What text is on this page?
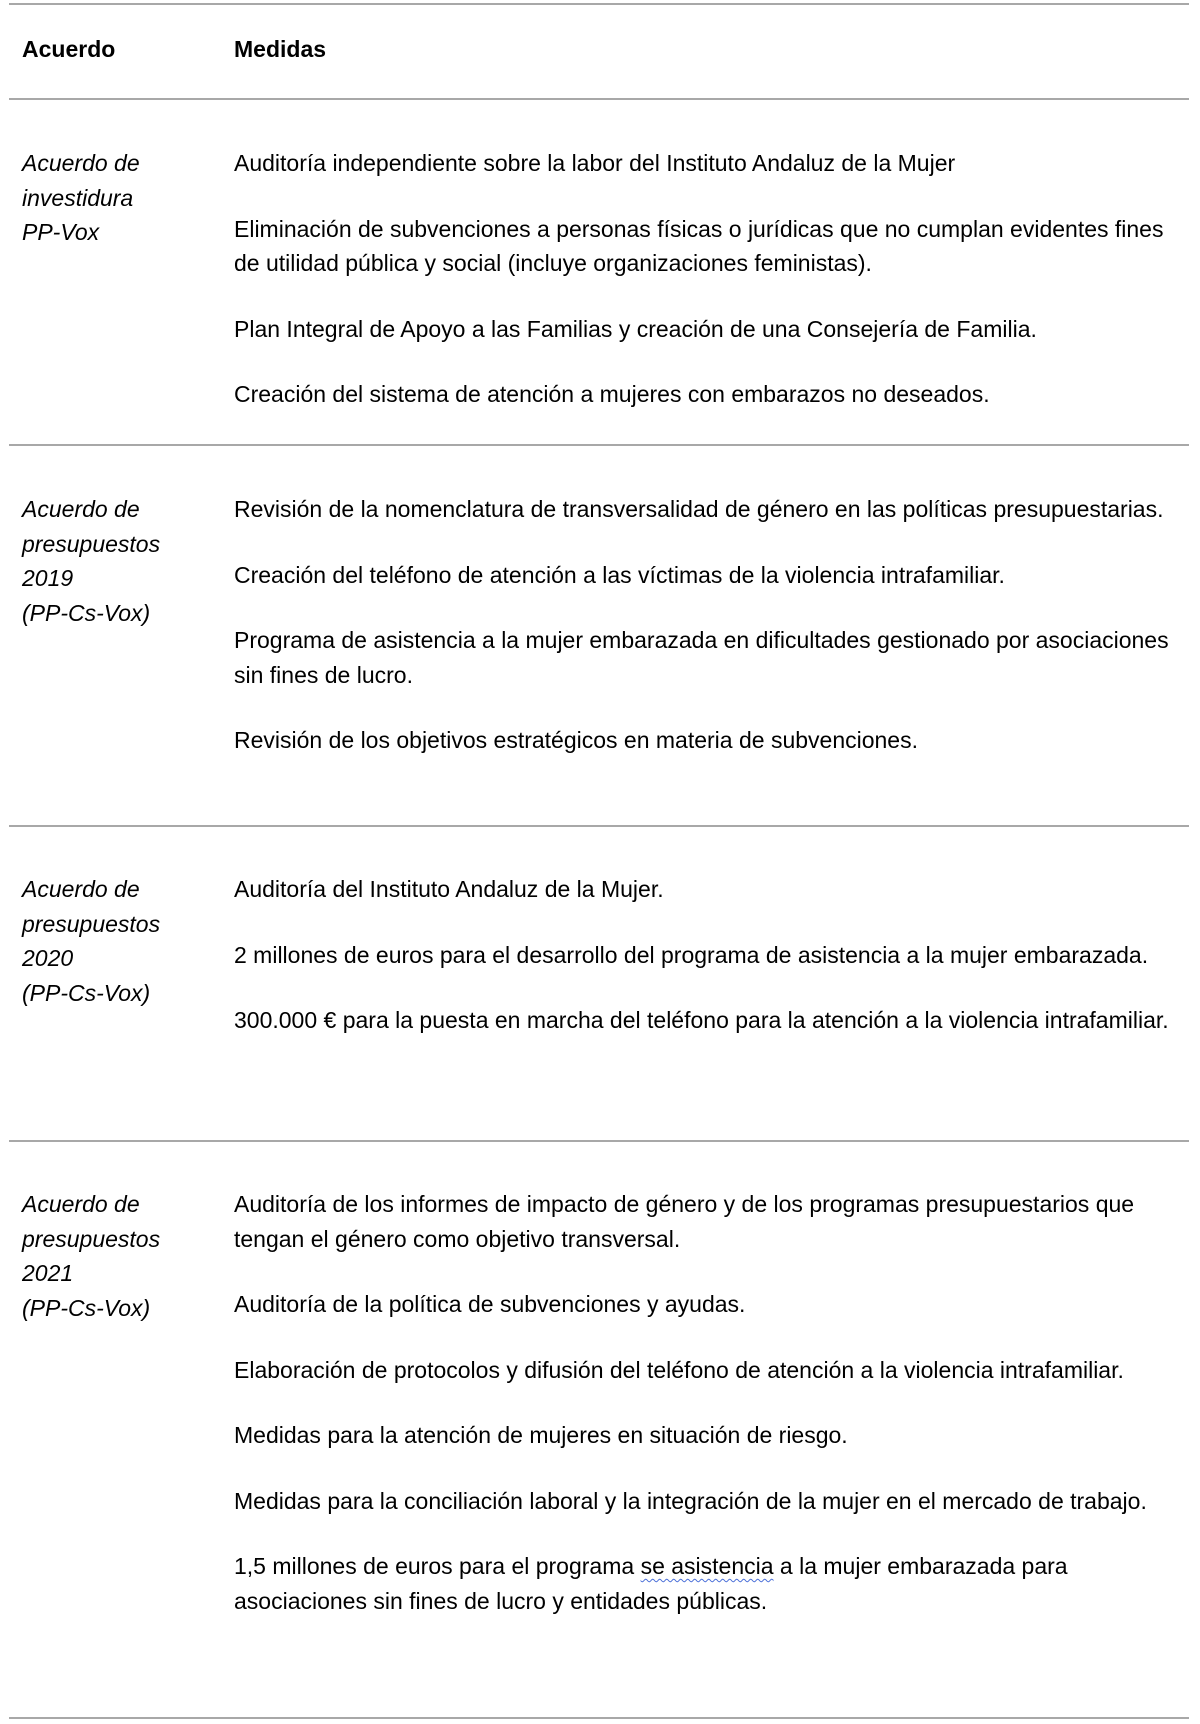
Acuerdo	Medidas
Acuerdo de
investidura
PP-Vox

Auditoría independiente sobre la labor del Instituto Andaluz de la Mujer

Eliminación de subvenciones a personas físicas o jurídicas que no cumplan evidentes fines de utilidad pública y social (incluye organizaciones feministas).

Plan Integral de Apoyo a las Familias y creación de una Consejería de Familia.

Creación del sistema de atención a mujeres con embarazos no deseados.

Acuerdo de
presupuestos
2019
(PP-Cs-Vox)

Revisión de la nomenclatura de transversalidad de género en las políticas presupuestarias.

Creación del teléfono de atención a las víctimas de la violencia intrafamiliar.

Programa de asistencia a la mujer embarazada en dificultades gestionado por asociaciones sin fines de lucro.

Revisión de los objetivos estratégicos en materia de subvenciones.

Acuerdo de
presupuestos
2020
(PP-Cs-Vox)

Auditoría del Instituto Andaluz de la Mujer.

2 millones de euros para el desarrollo del programa de asistencia a la mujer embarazada.

300.000 € para la puesta en marcha del teléfono para la atención a la violencia intrafamiliar.

Acuerdo de
presupuestos
2021
(PP-Cs-Vox)

Auditoría de los informes de impacto de género y de los programas presupuestarios que tengan el género como objetivo transversal.

Auditoría de la política de subvenciones y ayudas.

Elaboración de protocolos y difusión del teléfono de atención a la violencia intrafamiliar.

Medidas para la atención de mujeres en situación de riesgo.

Medidas para la conciliación laboral y la integración de la mujer en el mercado de trabajo.

1,5 millones de euros para el programa se asistencia a la mujer embarazada para asociaciones sin fines de lucro y entidades públicas.
